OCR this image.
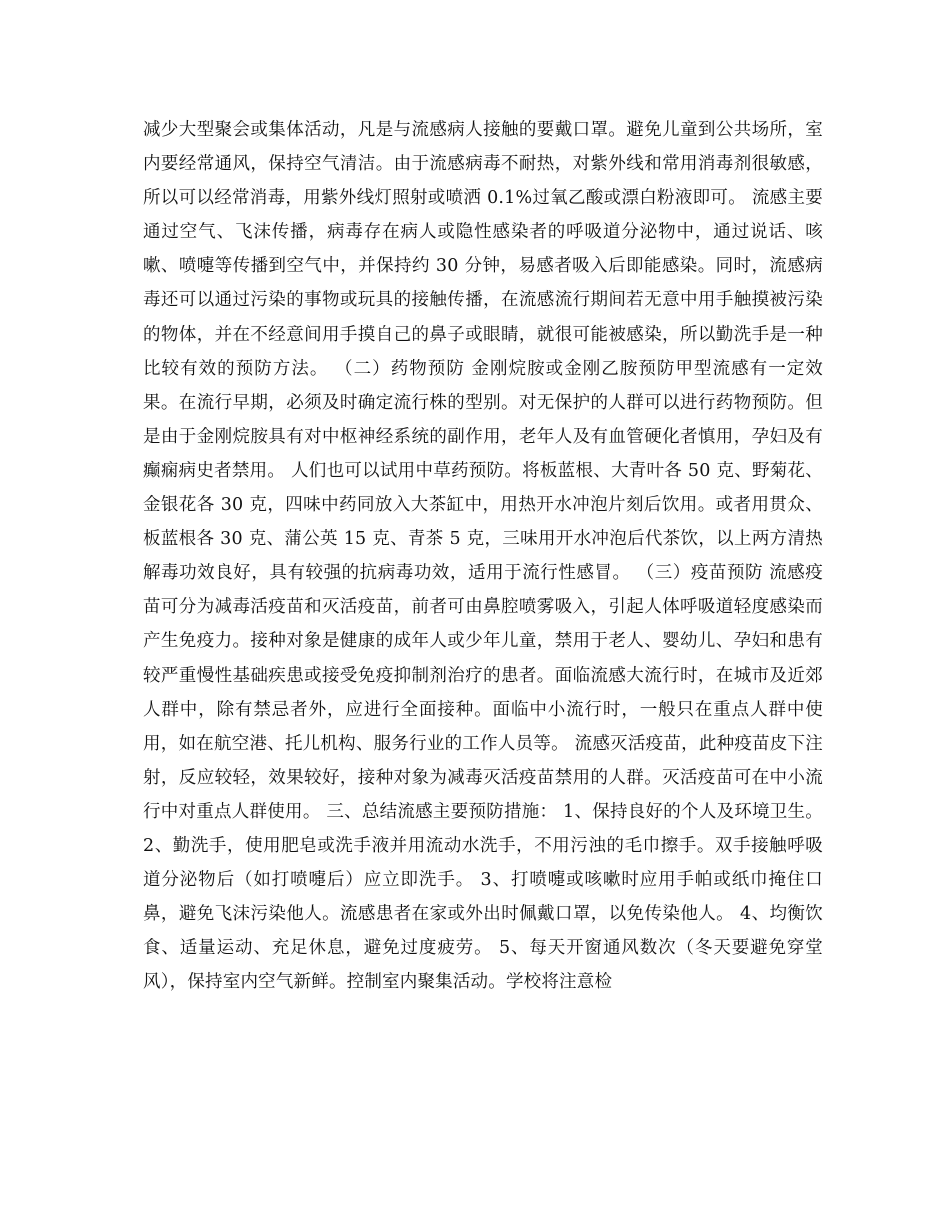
减少大型聚会或集体活动，凡是与流感病人接触的要戴口罩。避免儿童到公共场所，室内要经常通风，保持空气清洁。由于流感病毒不耐热，对紫外线和常用消毒剂很敏感，所以可以经常消毒，用紫外线灯照射或喷洒 0.1%过氧乙酸或漂白粉液即可。 流感主要通过空气、飞沫传播，病毒存在病人或隐性感染者的呼吸道分泌物中，通过说话、咳嗽、喷嚏等传播到空气中，并保持约 30 分钟，易感者吸入后即能感染。同时，流感病毒还可以通过污染的事物或玩具的接触传播，在流感流行期间若无意中用手触摸被污染的物体，并在不经意间用手摸自己的鼻子或眼睛，就很可能被感染，所以勤洗手是一种比较有效的预防方法。 （二）药物预防 金刚烷胺或金刚乙胺预防甲型流感有一定效果。在流行早期，必须及时确定流行株的型别。对无保护的人群可以进行药物预防。但是由于金刚烷胺具有对中枢神经系统的副作用，老年人及有血管硬化者慎用，孕妇及有癫痫病史者禁用。 人们也可以试用中草药预防。将板蓝根、大青叶各 50 克、野菊花、金银花各 30 克，四味中药同放入大茶缸中，用热开水冲泡片刻后饮用。或者用贯众、板蓝根各 30 克、蒲公英 15 克、青茶 5 克，三味用开水冲泡后代茶饮，以上两方清热解毒功效良好，具有较强的抗病毒功效，适用于流行性感冒。 （三）疫苗预防 流感疫苗可分为减毒活疫苗和灭活疫苗，前者可由鼻腔喷雾吸入，引起人体呼吸道轻度感染而产生免疫力。接种对象是健康的成年人或少年儿童，禁用于老人、婴幼儿、孕妇和患有较严重慢性基础疾患或接受免疫抑制剂治疗的患者。面临流感大流行时，在城市及近郊人群中，除有禁忌者外，应进行全面接种。面临中小流行时，一般只在重点人群中使用，如在航空港、托儿机构、服务行业的工作人员等。 流感灭活疫苗，此种疫苗皮下注射，反应较轻，效果较好，接种对象为减毒灭活疫苗禁用的人群。灭活疫苗可在中小流行中对重点人群使用。 三、总结流感主要预防措施： 1、保持良好的个人及环境卫生。 2、勤洗手，使用肥皂或洗手液并用流动水洗手，不用污浊的毛巾擦手。双手接触呼吸道分泌物后（如打喷嚏后）应立即洗手。 3、打喷嚏或咳嗽时应用手帕或纸巾掩住口鼻，避免飞沫污染他人。流感患者在家或外出时佩戴口罩，以免传染他人。 4、均衡饮食、适量运动、充足休息，避免过度疲劳。 5、每天开窗通风数次（冬天要避免穿堂风），保持室内空气新鲜。控制室内聚集活动。学校将注意检
